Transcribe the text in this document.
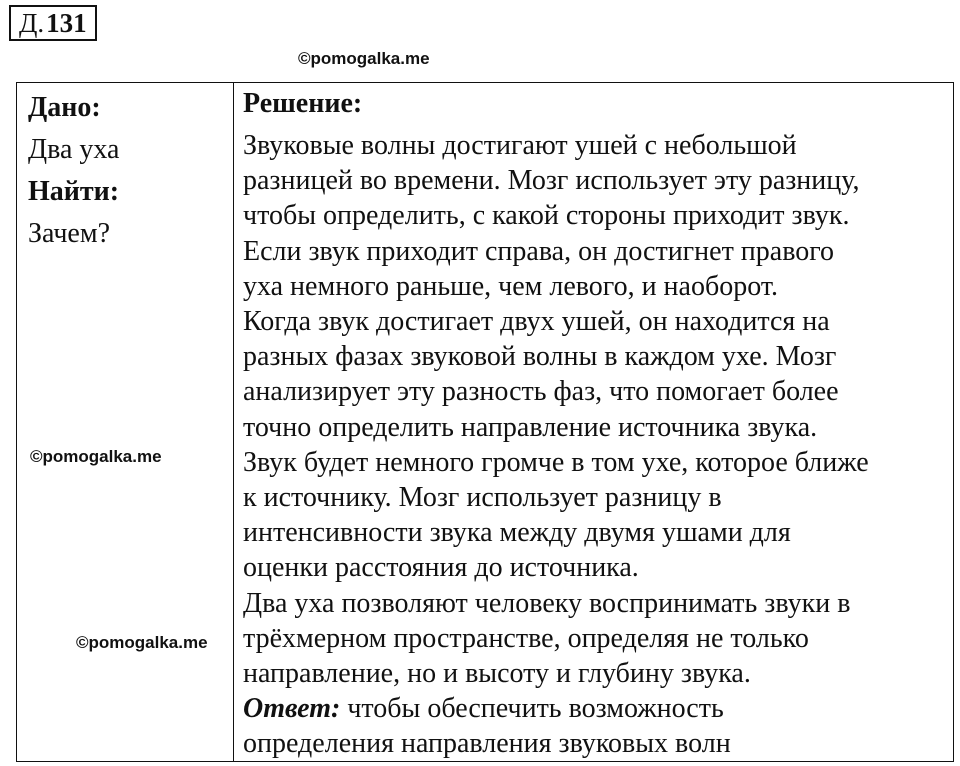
Д. 131
©pomogalka.me
Дано:
Два уха
Найти:
Зачем?
©pomogalka.me
©pomogalka.me
Решение:
Звуковые волны достигают ушей с небольшой
разницей во времени. Мозг использует эту разницу,
чтобы определить, с какой стороны приходит звук.
Если звук приходит справа, он достигнет правого
уха немного раньше, чем левого, и наоборот.
Когда звук достигает двух ушей, он находится на
разных фазах звуковой волны в каждом ухе. Мозг
анализирует эту разность фаз, что помогает более
точно определить направление источника звука.
Звук будет немного громче в том ухе, которое ближе
к источнику. Мозг использует разницу в
интенсивности звука между двумя ушами для
оценки расстояния до источника.
Два уха позволяют человеку воспринимать звуки в
трёхмерном пространстве, определяя не только
направление, но и высоту и глубину звука.
Ответ: чтобы обеспечить возможность
определения направления звуковых волн
